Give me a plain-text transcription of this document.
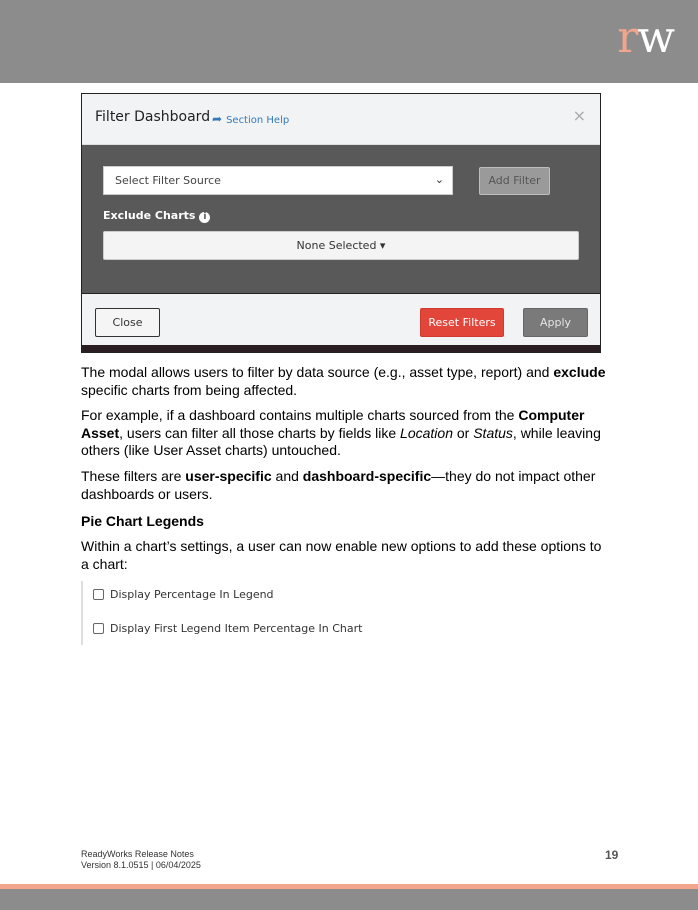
rw
Filter Dashboard ➦ Section Help	×
Select Filter Source	⌄	Add Filter
Exclude Charts i
None Selected ▾
Close	Reset Filters	Apply

The modal allows users to filter by data source (e.g., asset type, report) and exclude specific charts from being affected.

For example, if a dashboard contains multiple charts sourced from the Computer Asset, users can filter all those charts by fields like Location or Status, while leaving others (like User Asset charts) untouched.

These filters are user-specific and dashboard-specific—they do not impact other dashboards or users.

Pie Chart Legends

Within a chart’s settings, a user can now enable new options to add these options to a chart:

Display Percentage In Legend
Display First Legend Item Percentage In Chart
ReadyWorks Release Notes
Version 8.1.0515 | 06/04/2025
19
